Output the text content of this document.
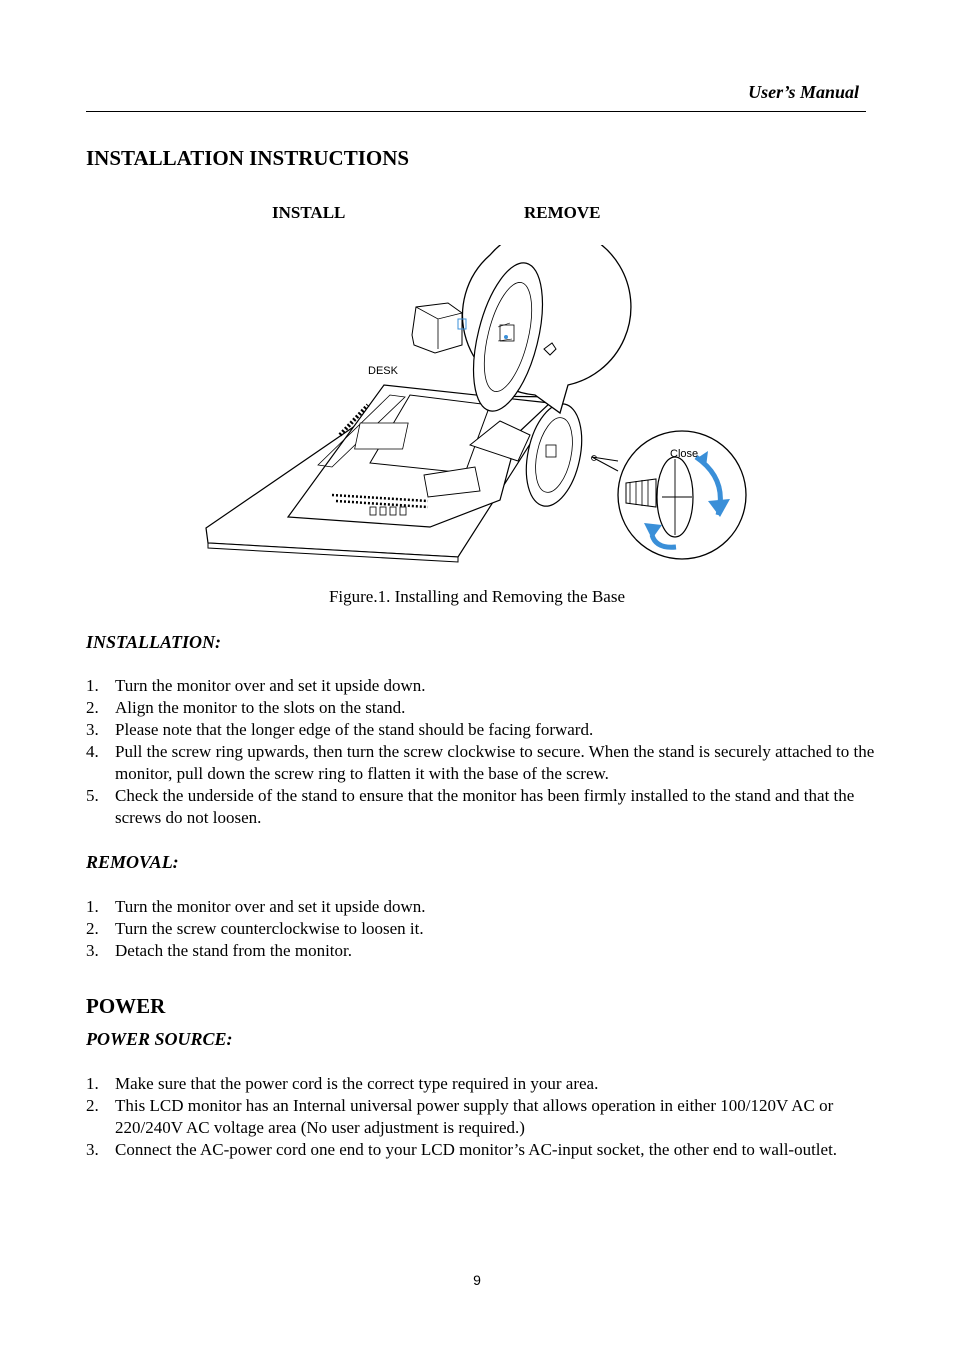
User’s Manual
INSTALLATION INSTRUCTIONS
INSTALL	REMOVE
DESK
Close
Figure.1. Installing and Removing the Base
INSTALLATION:
1. Turn the monitor over and set it upside down.
2. Align the monitor to the slots on the stand.
3. Please note that the longer edge of the stand should be facing forward.
4. Pull the screw ring upwards, then turn the screw clockwise to secure. When the stand is securely attached to the monitor, pull down the screw ring to flatten it with the base of the screw.
5. Check the underside of the stand to ensure that the monitor has been firmly installed to the stand and that the screws do not loosen.
REMOVAL:
1. Turn the monitor over and set it upside down.
2. Turn the screw counterclockwise to loosen it.
3. Detach the stand from the monitor.
POWER
POWER SOURCE:
1. Make sure that the power cord is the correct type required in your area.
2. This LCD monitor has an Internal universal power supply that allows operation in either 100/120V AC or 220/240V AC voltage area (No user adjustment is required.)
3. Connect the AC-power cord one end to your LCD monitor’s AC-input socket, the other end to wall-outlet.
9
